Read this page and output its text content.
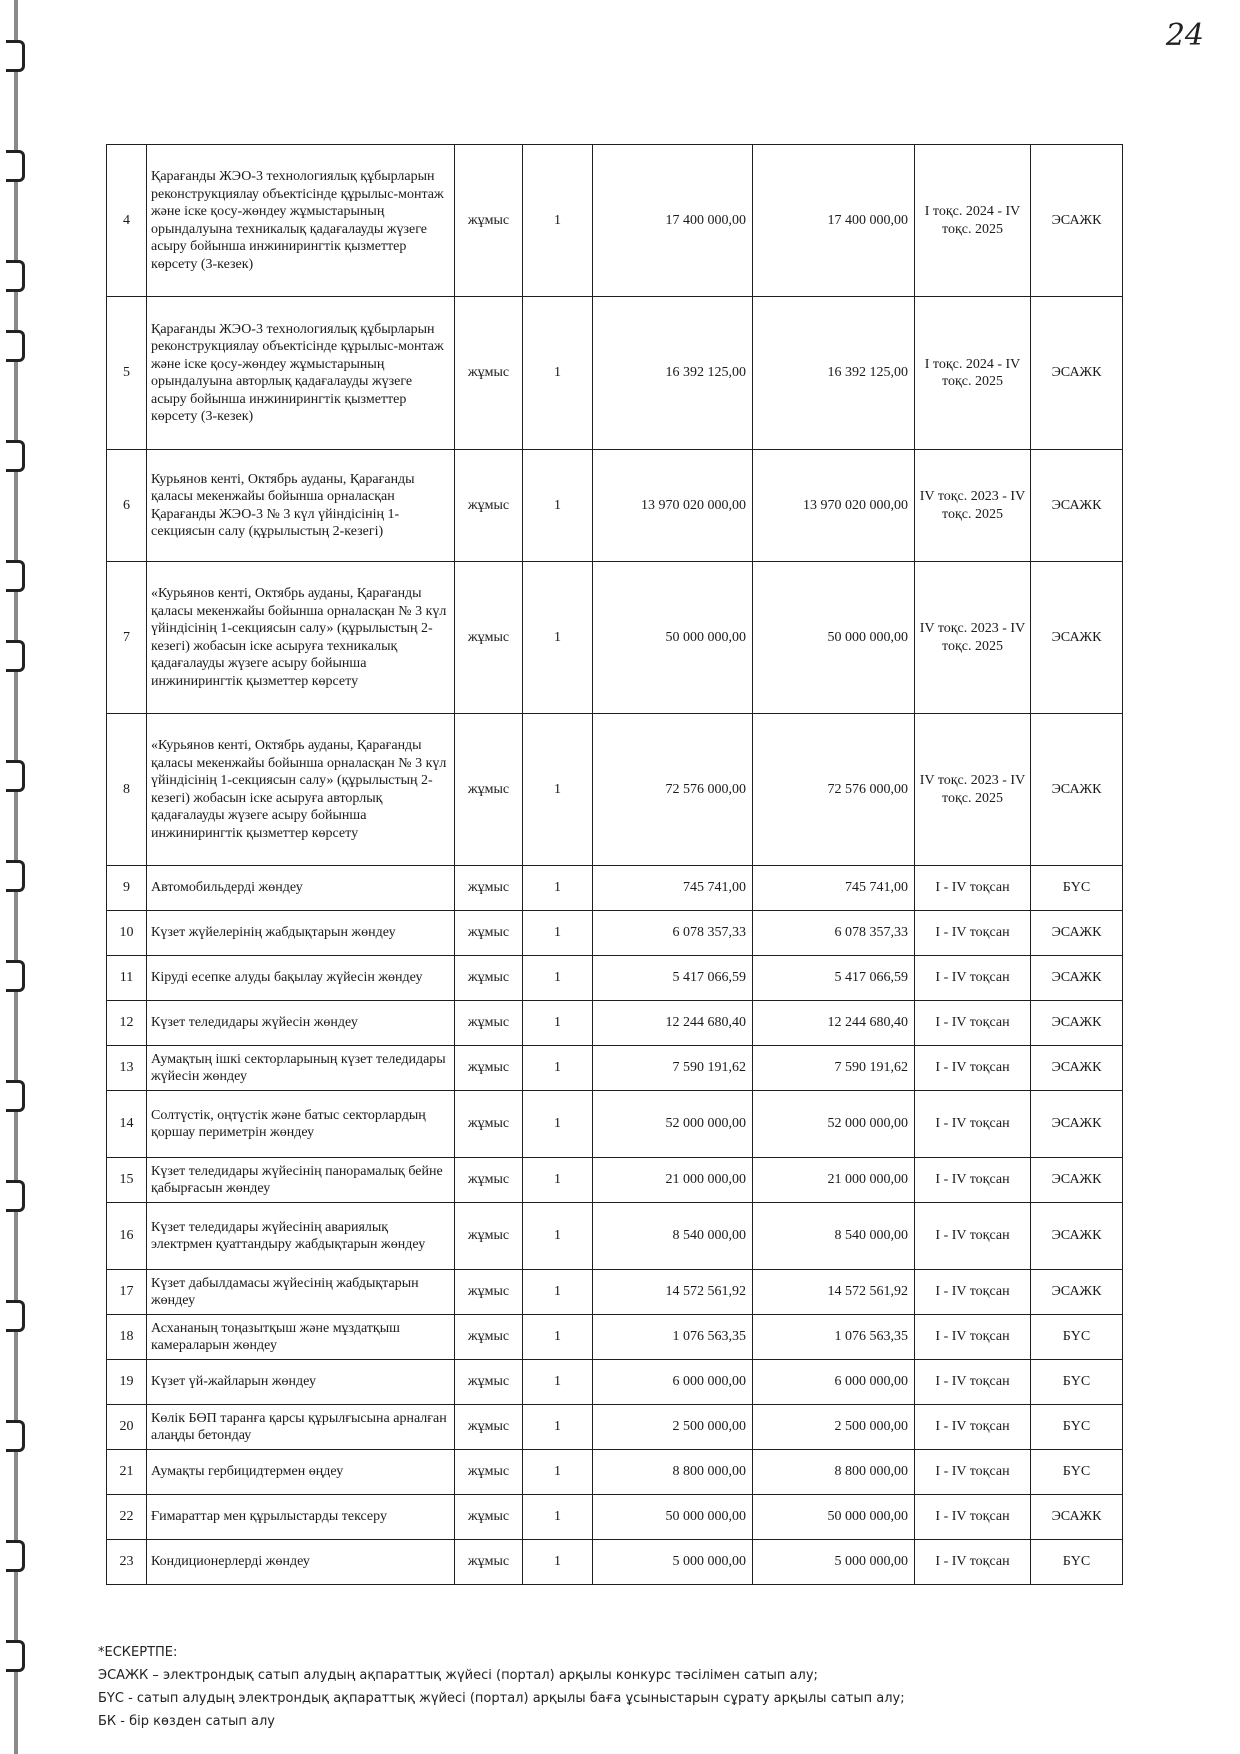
24
4	Қарағанды ЖЭО-3 технологиялық құбырларын реконструкциялау объектісінде құрылыс-монтаж және іске қосу-жөндеу жұмыстарының орындалуына техникалық қадағалауды жүзеге асыру бойынша инжинирингтік қызметтер көрсету (3-кезек)	жұмыс	1	17 400 000,00	17 400 000,00	I тоқс. 2024 - IV тоқс. 2025	ЭСАЖК
5	Қарағанды ЖЭО-3 технологиялық құбырларын реконструкциялау объектісінде құрылыс-монтаж және іске қосу-жөндеу жұмыстарының орындалуына авторлық қадағалауды жүзеге асыру бойынша инжинирингтік қызметтер көрсету (3-кезек)	жұмыс	1	16 392 125,00	16 392 125,00	I тоқс. 2024 - IV тоқс. 2025	ЭСАЖК
6	Курьянов кенті, Октябрь ауданы, Қарағанды қаласы мекенжайы бойынша орналасқан Қарағанды ЖЭО-3 № 3 күл үйіндісінің 1-секциясын салу (құрылыстың 2-кезегі)	жұмыс	1	13 970 020 000,00	13 970 020 000,00	IV тоқс. 2023 - IV тоқс. 2025	ЭСАЖК
7	«Курьянов кенті, Октябрь ауданы, Қарағанды қаласы мекенжайы бойынша орналасқан № 3 күл үйіндісінің 1-секциясын салу» (құрылыстың 2-кезегі) жобасын іске асыруға техникалық қадағалауды жүзеге асыру бойынша инжинирингтік қызметтер көрсету	жұмыс	1	50 000 000,00	50 000 000,00	IV тоқс. 2023 - IV тоқс. 2025	ЭСАЖК
8	«Курьянов кенті, Октябрь ауданы, Қарағанды қаласы мекенжайы бойынша орналасқан № 3 күл үйіндісінің 1-секциясын салу» (құрылыстың 2-кезегі) жобасын іске асыруға авторлық қадағалауды жүзеге асыру бойынша инжинирингтік қызметтер көрсету	жұмыс	1	72 576 000,00	72 576 000,00	IV тоқс. 2023 - IV тоқс. 2025	ЭСАЖК
9	Автомобильдерді жөндеу	жұмыс	1	745 741,00	745 741,00	I - IV тоқсан	БҮС
10	Күзет жүйелерінің жабдықтарын жөндеу	жұмыс	1	6 078 357,33	6 078 357,33	I - IV тоқсан	ЭСАЖК
11	Кіруді есепке алуды бақылау жүйесін жөндеу	жұмыс	1	5 417 066,59	5 417 066,59	I - IV тоқсан	ЭСАЖК
12	Күзет теледидары жүйесін жөндеу	жұмыс	1	12 244 680,40	12 244 680,40	I - IV тоқсан	ЭСАЖК
13	Аумақтың ішкі секторларының күзет теледидары жүйесін жөндеу	жұмыс	1	7 590 191,62	7 590 191,62	I - IV тоқсан	ЭСАЖК
14	Солтүстік, оңтүстік және батыс секторлардың қоршау периметрін жөндеу	жұмыс	1	52 000 000,00	52 000 000,00	I - IV тоқсан	ЭСАЖК
15	Күзет теледидары жүйесінің панорамалық бейне қабырғасын жөндеу	жұмыс	1	21 000 000,00	21 000 000,00	I - IV тоқсан	ЭСАЖК
16	Күзет теледидары жүйесінің авариялық электрмен қуаттандыру жабдықтарын жөндеу	жұмыс	1	8 540 000,00	8 540 000,00	I - IV тоқсан	ЭСАЖК
17	Күзет дабылдамасы жүйесінің жабдықтарын жөндеу	жұмыс	1	14 572 561,92	14 572 561,92	I - IV тоқсан	ЭСАЖК
18	Асхананың тоңазытқыш және мұздатқыш камераларын жөндеу	жұмыс	1	1 076 563,35	1 076 563,35	I - IV тоқсан	БҮС
19	Күзет үй-жайларын жөндеу	жұмыс	1	6 000 000,00	6 000 000,00	I - IV тоқсан	БҮС
20	Көлік БӨП таранға қарсы құрылғысына арналған алаңды бетондау	жұмыс	1	2 500 000,00	2 500 000,00	I - IV тоқсан	БҮС
21	Аумақты гербицидтермен өңдеу	жұмыс	1	8 800 000,00	8 800 000,00	I - IV тоқсан	БҮС
22	Ғимараттар мен құрылыстарды тексеру	жұмыс	1	50 000 000,00	50 000 000,00	I - IV тоқсан	ЭСАЖК
23	Кондиционерлерді жөндеу	жұмыс	1	5 000 000,00	5 000 000,00	I - IV тоқсан	БҮС
*ЕСКЕРТПЕ:
ЭСАЖК – электрондық сатып алудың ақпараттық жүйесі (портал) арқылы конкурс тәсілімен сатып алу;
БҮС - сатып алудың электрондық ақпараттық жүйесі (портал) арқылы баға ұсыныстарын сұрату арқылы сатып алу;
БК - бір көзден сатып алу
